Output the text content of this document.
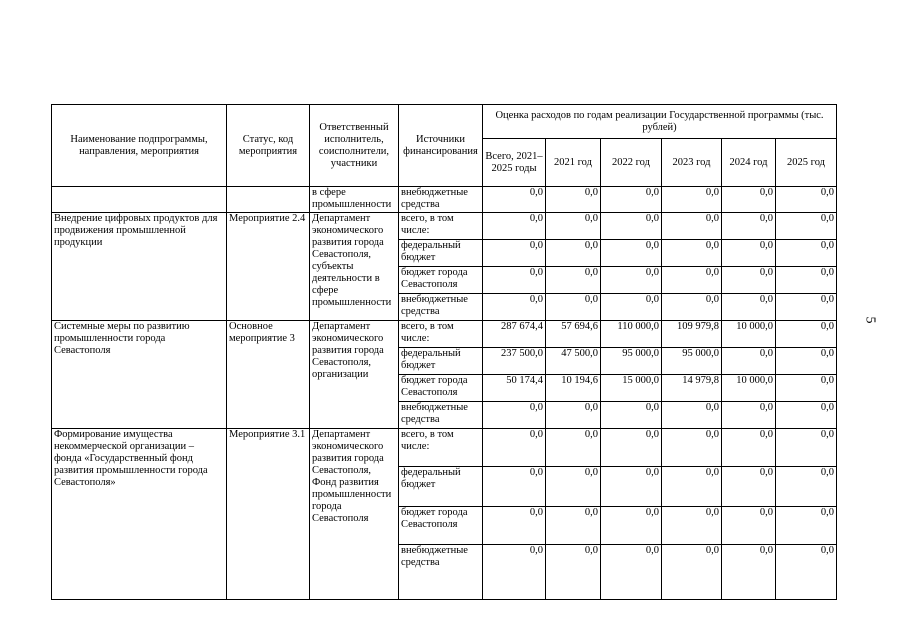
5
Наименование подпрограммы, направления, мероприятия	Статус, код мероприятия	Ответственный исполнитель, соисполнители, участники	Источники финансирования	Оценка расходов по годам реализации Государственной программы (тыс. рублей)					
				Всего, 2021–2025 годы	2021 год	2022 год	2023 год	2024 год	2025 год
		в сфере промышленности	внебюджетные средства	0,0	0,0	0,0	0,0	0,0	0,0
Внедрение цифровых продуктов для продвижения промышленной продукции	Мероприятие 2.4	Департамент экономического развития города Севастополя, субъекты деятельности в сфере промышленности	всего, в том числе:	0,0	0,0	0,0	0,0	0,0	0,0
			федеральный бюджет	0,0	0,0	0,0	0,0	0,0	0,0
			бюджет города Севастополя	0,0	0,0	0,0	0,0	0,0	0,0
			внебюджетные средства	0,0	0,0	0,0	0,0	0,0	0,0
Системные меры по развитию промышленности города Севастополя	Основное мероприятие 3	Департамент экономического развития города Севастополя, организации	всего, в том числе:	287 674,4	57 694,6	110 000,0	109 979,8	10 000,0	0,0
			федеральный бюджет	237 500,0	47 500,0	95 000,0	95 000,0	0,0	0,0
			бюджет города Севастополя	50 174,4	10 194,6	15 000,0	14 979,8	10 000,0	0,0
			внебюджетные средства	0,0	0,0	0,0	0,0	0,0	0,0
Формирование имущества некоммерческой организации – фонда «Государственный фонд развития промышленности города Севастополя»	Мероприятие 3.1	Департамент экономического развития города Севастополя, Фонд развития промышленности города Севастополя	всего, в том числе:	0,0	0,0	0,0	0,0	0,0	0,0
			федеральный бюджет	0,0	0,0	0,0	0,0	0,0	0,0
			бюджет города Севастополя	0,0	0,0	0,0	0,0	0,0	0,0
			внебюджетные средства	0,0	0,0	0,0	0,0	0,0	0,0
